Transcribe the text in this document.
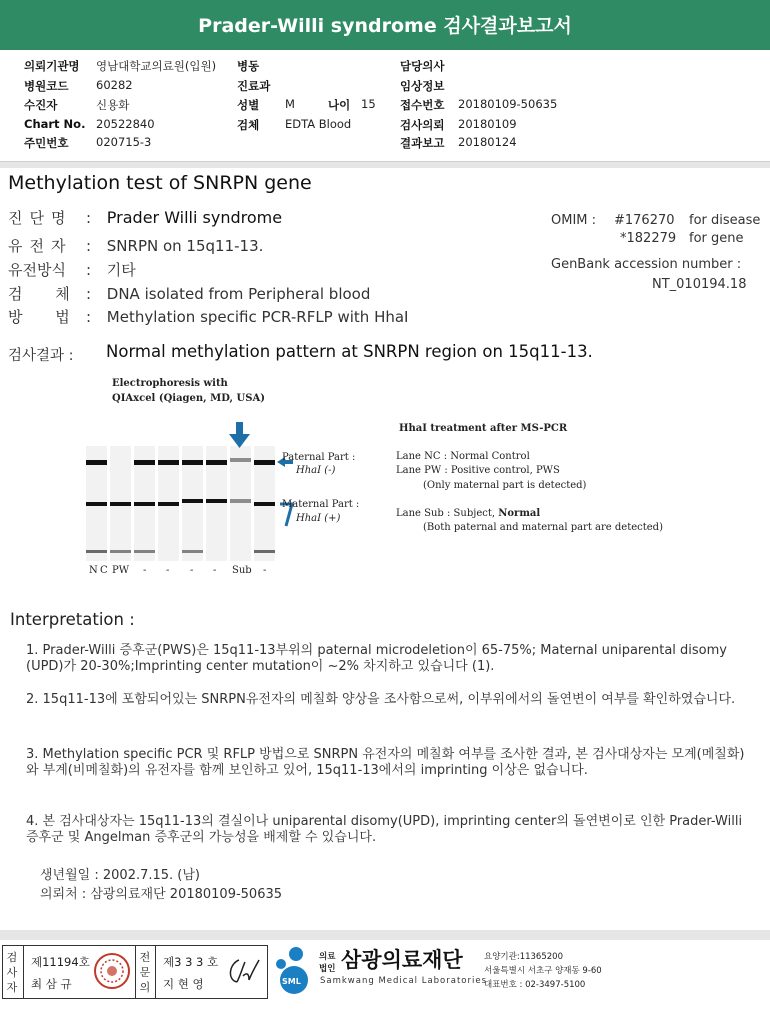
Prader-Willi syndrome 검사결과보고서
의뢰기관명 영남대학교의료원(입원)
병원코드 60282
수진자	신용화
Chart No. 20522840
주민번호 020715-3
병동
진료과
성별 M	나이 15
검체 EDTA Blood
담당의사
임상정보
접수번호 20180109-50635
검사의뢰 20180109
결과보고 20180124
Methylation test of SNRPN gene
진단명 : Prader Willi syndrome
유전자 : SNRPN on 15q11-13.
유전방식 : 기타
검 체 : DNA isolated from Peripheral blood
방 법 : Methylation specific PCR-RFLP with HhaI
OMIM : #176270 for disease
*182279 for gene
GenBank accession number :
NT_010194.18
검사결과 : Normal methylation pattern at SNRPN region on 15q11-13.
Electrophoresis with
QIAxcel (Qiagen, MD, USA)
Paternal Part :
HhaI (-)
Maternal Part :
HhaI (+)
N C PW - - - - Sub -
HhaI treatment after MS-PCR
Lane NC : Normal Control
Lane PW : Positive control, PWS
(Only maternal part is detected)
Lane Sub : Subject, Normal
(Both paternal and maternal part are detected)
Interpretation :
1. Prader-Willi 증후군(PWS)은 15q11-13부위의 paternal microdeletion이 65-75%; Maternal uniparental disomy (UPD)가 20-30%;Imprinting center mutation이 ~2% 차지하고 있습니다 (1).
2. 15q11-13에 포함되어있는 SNRPN유전자의 메칠화 양상을 조사함으로써, 이부위에서의 돌연변이 여부를 확인하였습니다.
3. Methylation specific PCR 및 RFLP 방법으로 SNRPN 유전자의 메칠화 여부를 조사한 결과, 본 검사대상자는 모계(메칠화)와 부계(비메칠화)의 유전자를 함께 보인하고 있어, 15q11-13에서의 imprinting 이상은 없습니다.
4. 본 검사대상자는 15q11-13의 결실이나 uniparental disomy(UPD), imprinting center의 돌연변이로 인한 Prader-Willi증후군 및 Angelman 증후군의 가능성을 배제할 수 있습니다.
생년월일 : 2002.7.15. (남)
의뢰처 : 삼광의료재단 20180109-50635
검
사
자
제11194호
최 삼 규
전
문
의
제3 3 3 호
지 현 영	SML
의료
법인 삼광의료재단
Samkwang Medical Laboratories
요양기관:11365200
서울특별시 서초구 양재동 9-60
대표번호 : 02-3497-5100
